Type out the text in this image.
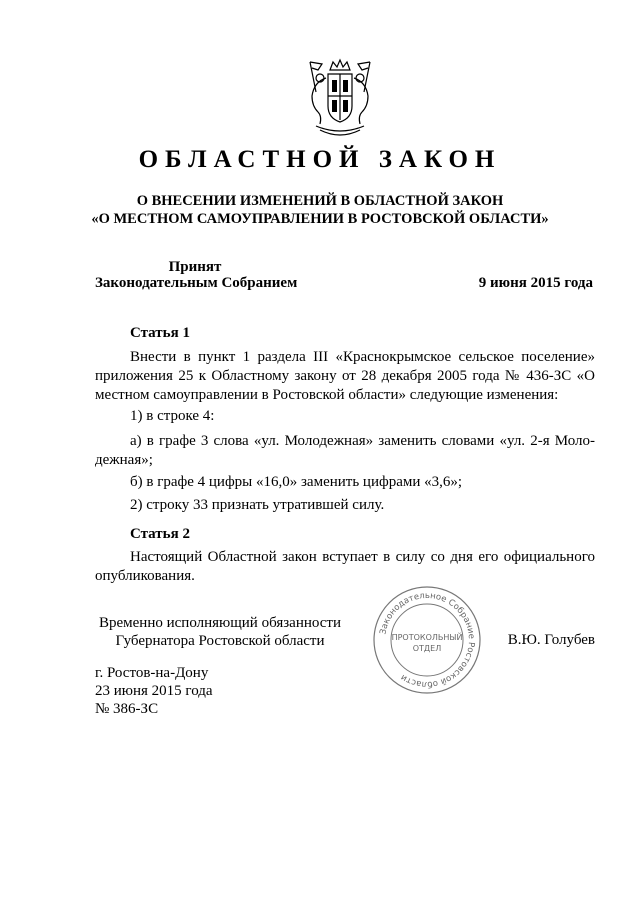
ОБЛАСТНОЙ ЗАКОН
О ВНЕСЕНИИ ИЗМЕНЕНИЙ В ОБЛАСТНОЙ ЗАКОН
«О МЕСТНОМ САМОУПРАВЛЕНИИ В РОСТОВСКОЙ ОБЛАСТИ»
Принят
Законодательным Собранием	9 июня 2015 года
Статья 1
Внести в пункт 1 раздела III «Краснокрымское сельское поселение» приложения 25 к Областному закону от 28 декабря 2005 года № 436-ЗС «О местном самоуправлении в Ростовской области» следующие изменения:
1) в строке 4:
а) в графе 3 слова «ул. Молодежная» заменить словами «ул. 2-я Моло-дежная»;
б) в графе 4 цифры «16,0» заменить цифрами «3,6»;
2) строку 33 признать утратившей силу.
Статья 2
Настоящий Областной закон вступает в силу со дня его официального опубликования.
Временно исполняющий обязанности
Губернатора Ростовской области	В.Ю. Голубев
Законодательное Собрание Ростовской области
ПРОТОКОЛЬНЫЙ
ОТДЕЛ
г. Ростов-на-Дону
23 июня 2015 года
№ 386-ЗС
